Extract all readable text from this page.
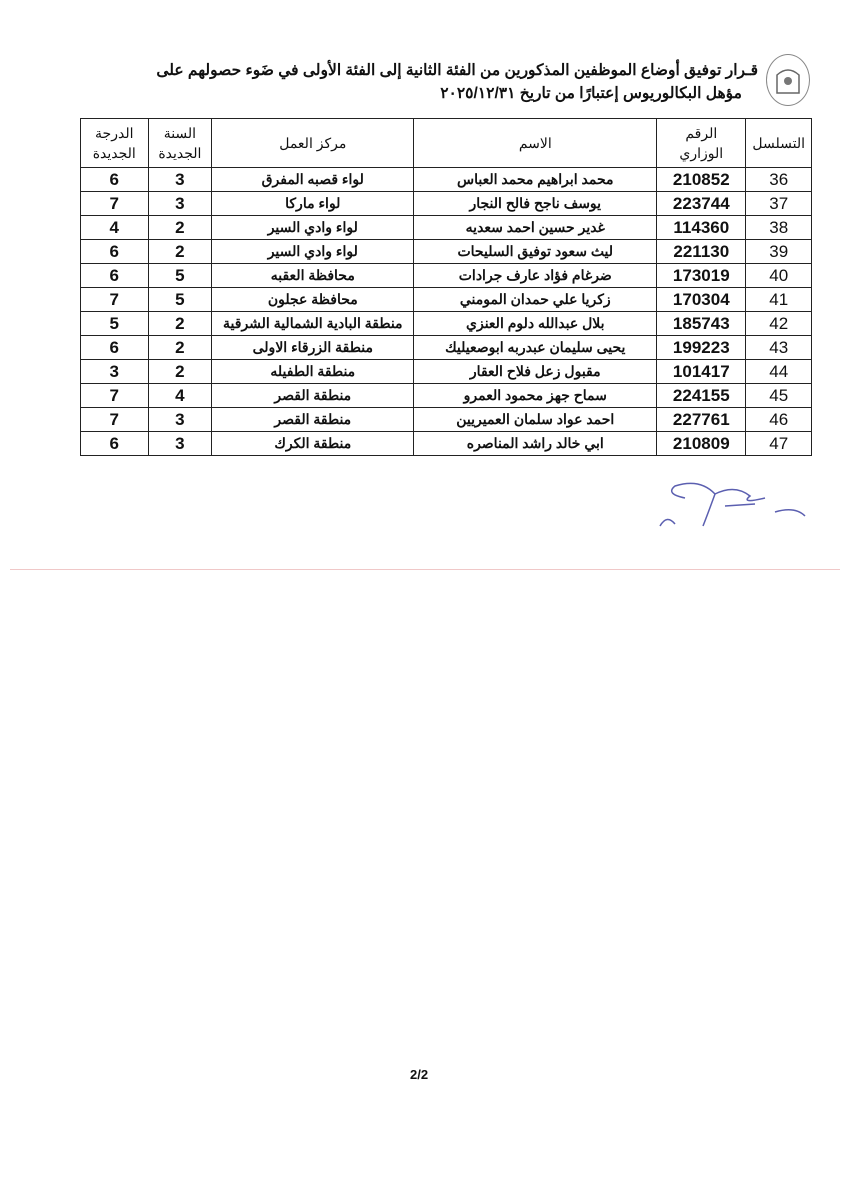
قـرار توفيق أوضاع الموظفين المذكورين من الفئة الثانية إلى الفئة الأولى في ضَوء حصولهم على
مؤهل البكالوريوس إعتبارًا من تاريخ ٢٠٢٥/١٢/٣١
التسلسل	الرقم الوزاري	الاسم	مركز العمل	السنة الجديدة	الدرجة الجديدة
36	210852	محمد ابراهيم محمد العباس	لواء قصبه المفرق	3	6
37	223744	يوسف ناجح فالح النجار	لواء ماركا	3	7
38	114360	غدير حسين احمد سعديه	لواء وادي السير	2	4
39	221130	ليث سعود توفيق السليحات	لواء وادي السير	2	6
40	173019	ضرغام فؤاد عارف جرادات	محافظة العقبه	5	6
41	170304	زكريا علي حمدان المومني	محافظة عجلون	5	7
42	185743	بلال عبدالله دلوم العنزي	منطقة البادية الشمالية الشرقية	2	5
43	199223	يحيى سليمان عبدربه ابوصعيليك	منطقة الزرقاء الاولى	2	6
44	101417	مقبول زعل فلاح العقار	منطقة الطفيله	2	3
45	224155	سماح جهز محمود العمرو	منطقة القصر	4	7
46	227761	احمد عواد سلمان العميريين	منطقة القصر	3	7
47	210809	ابي خالد راشد المناصره	منطقة الكرك	3	6
2/2
